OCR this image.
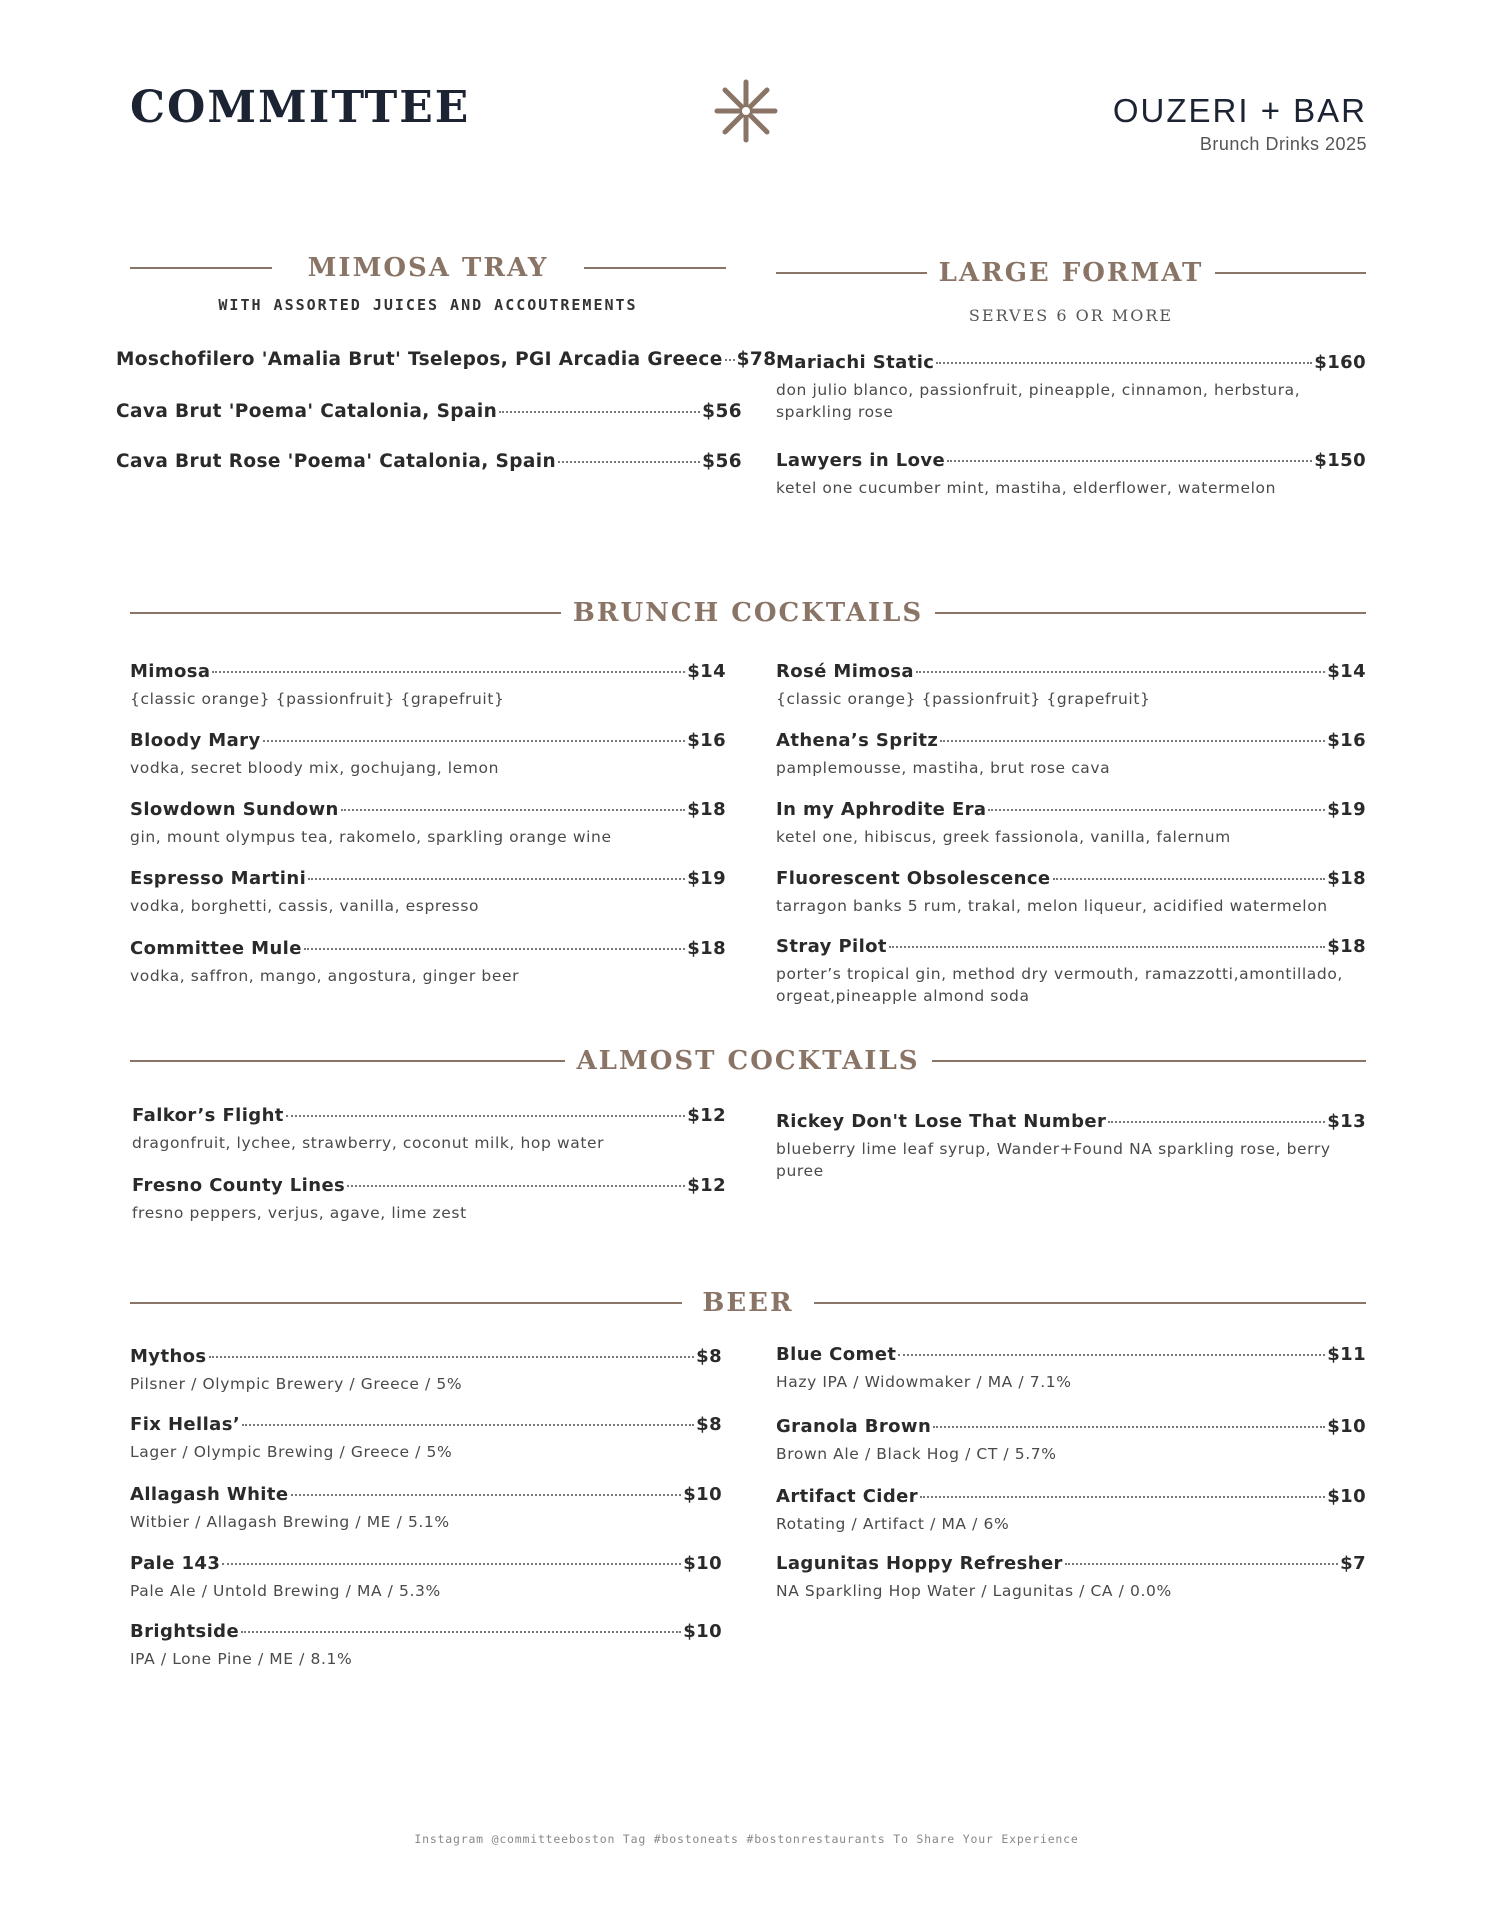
COMMITTEE	OUZERI + BAR
Brunch Drinks 2025
MIMOSA TRAY
WITH ASSORTED JUICES AND ACCOUTREMENTS
LARGE FORMAT
SERVES 6 OR MORE
BRUNCH COCKTAILS
ALMOST COCKTAILS
BEER
Moschofilero 'Amalia Brut' Tselepos, PGI Arcadia Greece $78
Cava Brut 'Poema' Catalonia, Spain	$56
Cava Brut Rose 'Poema' Catalonia, Spain	$56
Mariachi Static	$160
don julio blanco, passionfruit, pineapple, cinnamon, herbstura, sparkling rose
Lawyers in Love	$150
ketel one cucumber mint, mastiha, elderflower, watermelon
Mimosa	$14
{classic orange} {passionfruit} {grapefruit}
Bloody Mary	$16
vodka, secret bloody mix, gochujang, lemon
Slowdown Sundown	$18
gin, mount olympus tea, rakomelo, sparkling orange wine
Espresso Martini	$19
vodka, borghetti, cassis, vanilla, espresso
Committee Mule	$18
vodka, saffron, mango, angostura, ginger beer
Rosé Mimosa	$14
{classic orange} {passionfruit} {grapefruit}
Athena’s Spritz	$16
pamplemousse, mastiha, brut rose cava
In my Aphrodite Era	$19
ketel one, hibiscus, greek fassionola, vanilla, falernum
Fluorescent Obsolescence	$18
tarragon banks 5 rum, trakal, melon liqueur, acidified watermelon
Stray Pilot	$18
porter’s tropical gin, method dry vermouth, ramazzotti,amontillado, orgeat,pineapple almond soda
Falkor’s Flight	$12
dragonfruit, lychee, strawberry, coconut milk, hop water
Fresno County Lines	$12
fresno peppers, verjus, agave, lime zest
Rickey Don't Lose That Number	$13
blueberry lime leaf syrup, Wander+Found NA sparkling rose, berry puree
Mythos	$8
Pilsner / Olympic Brewery / Greece / 5%
Fix Hellas’	$8
Lager / Olympic Brewing / Greece / 5%
Allagash White	$10
Witbier / Allagash Brewing / ME / 5.1%
Pale 143	$10
Pale Ale / Untold Brewing / MA / 5.3%
Brightside	$10
IPA / Lone Pine / ME / 8.1%
Blue Comet	$11
Hazy IPA / Widowmaker / MA / 7.1%
Granola Brown	$10
Brown Ale / Black Hog / CT / 5.7%
Artifact Cider	$10
Rotating / Artifact / MA / 6%
Lagunitas Hoppy Refresher	$7
NA Sparkling Hop Water / Lagunitas / CA / 0.0%
Instagram @committeeboston Tag #bostoneats #bostonrestaurants To Share Your Experience
